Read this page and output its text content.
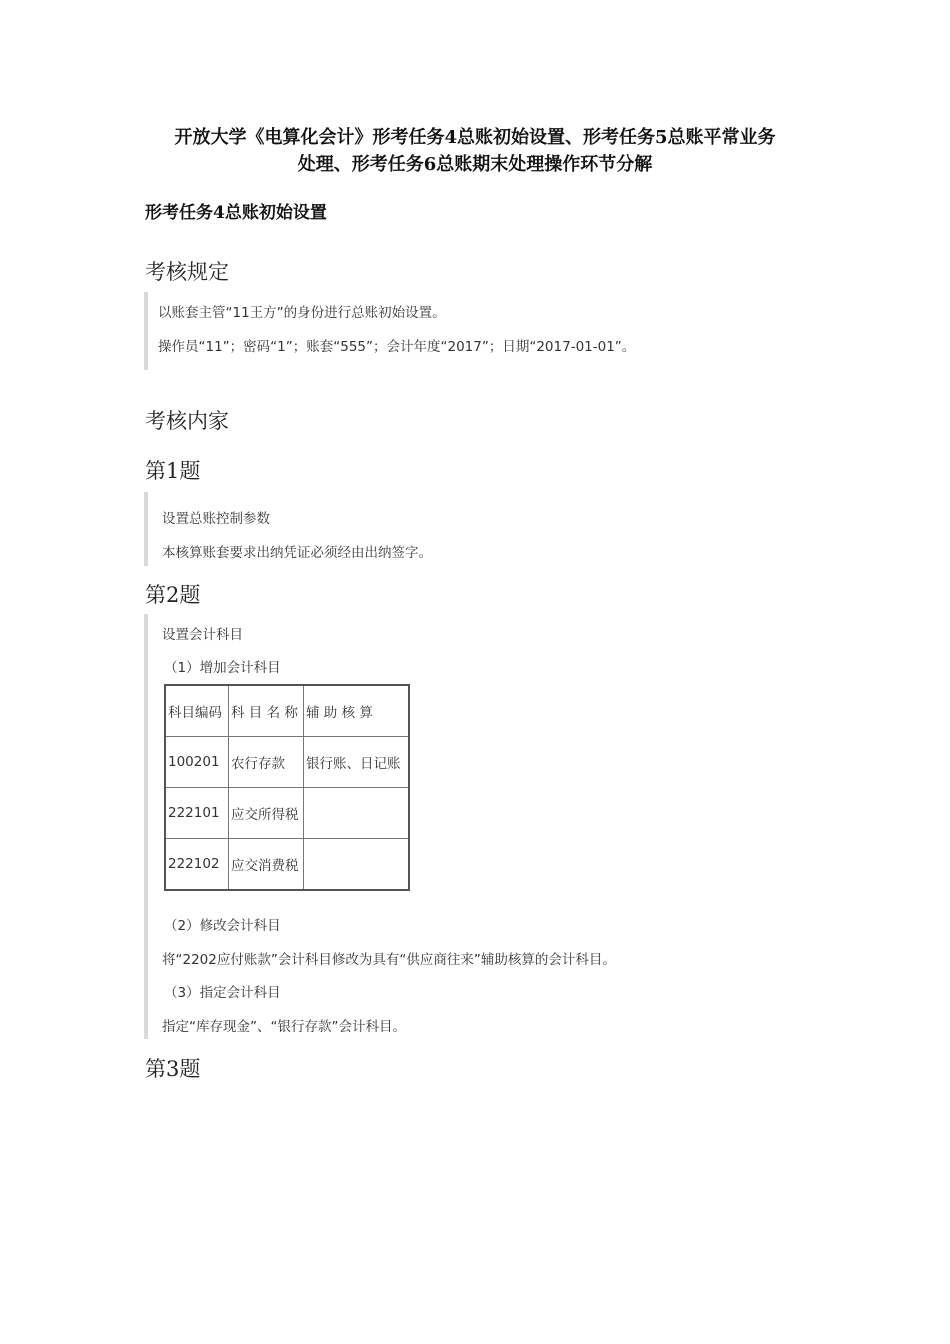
开放大学《电算化会计》形考任务4总账初始设置、形考任务5总账平常业务
处理、形考任务6总账期末处理操作环节分解
形考任务4总账初始设置
考核规定
以账套主管“11王方”的身份进行总账初始设置。
操作员“11”；密码“1”；账套“555”；会计年度“2017”；日期“2017-01-01”。
考核内家
第1题
设置总账控制参数
本核算账套要求出纳凭证必须经由出纳签字。
第2题
设置会计科目
（1）增加会计科目
科目编码	科 目 名 称	辅 助 核 算
100201	农行存款	银行账、日记账
222101	应交所得税	
222102	应交消费税	
（2）修改会计科目
将“2202应付账款”会计科目修改为具有“供应商往来”辅助核算的会计科目。
（3）指定会计科目
指定“库存现金”、“银行存款”会计科目。
第3题
